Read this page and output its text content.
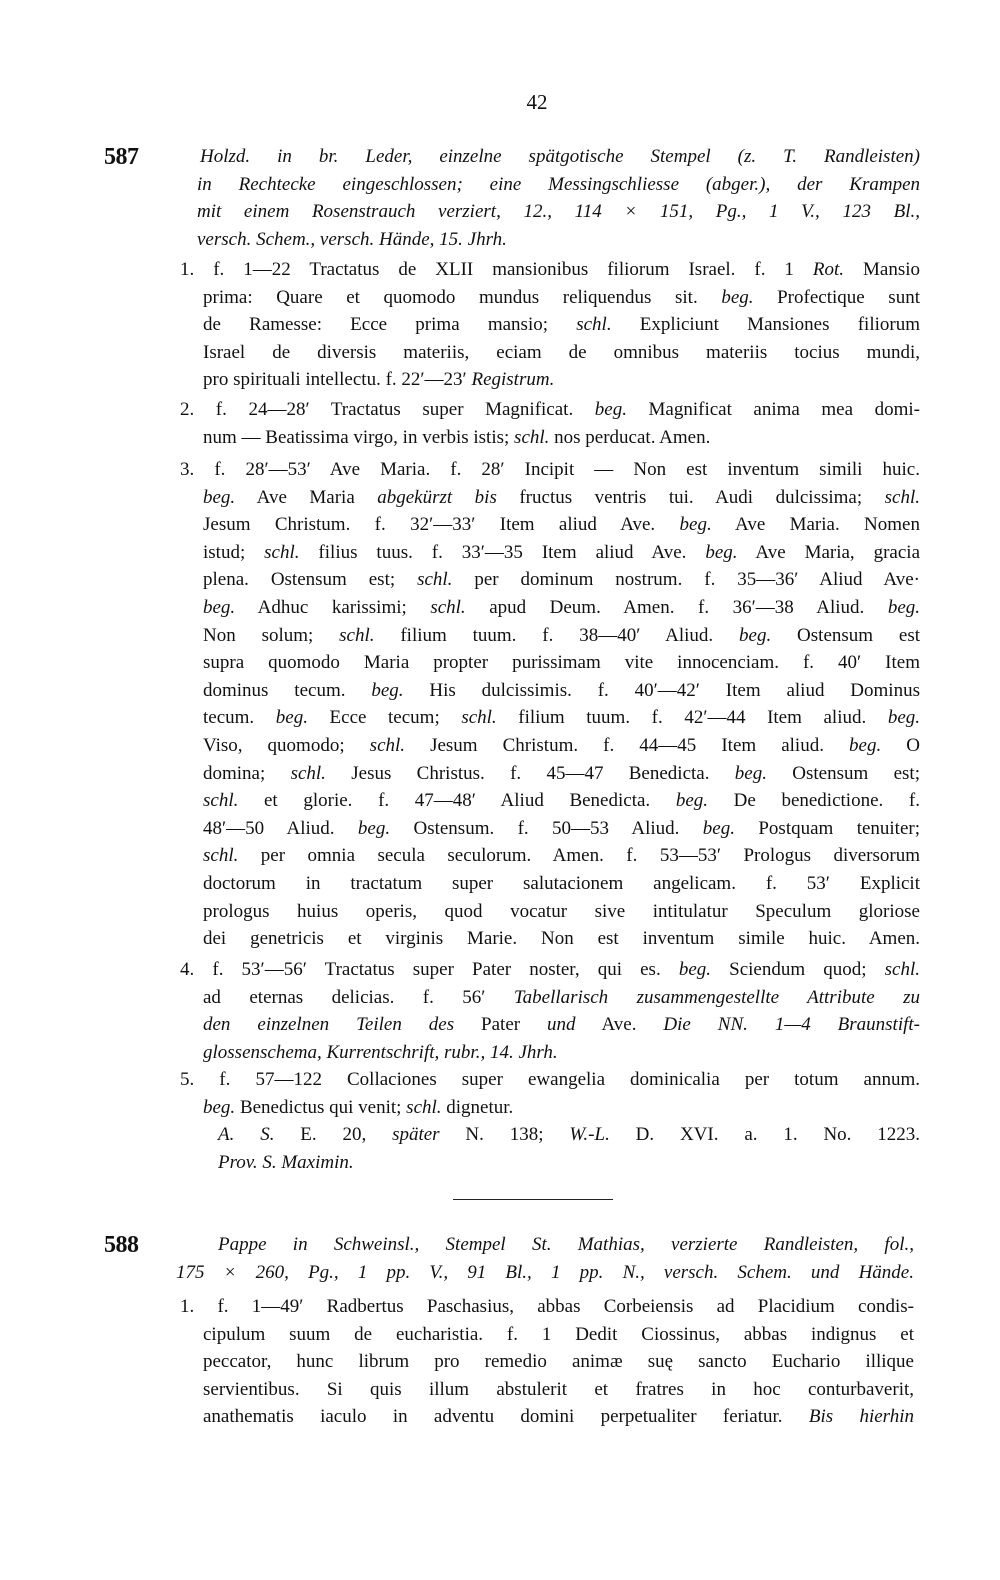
42
587
588
Holzd. in br. Leder, einzelne spätgotische Stempel (z. T. Randleisten)
in Rechtecke eingeschlossen; eine Messingschliesse (abger.), der Krampen
mit einem Rosenstrauch verziert, 12., 114 × 151, Pg., 1 V., 123 Bl.,
versch. Schem., versch. Hände, 15. Jhrh.
1. f. 1—22 Tractatus de XLII mansionibus filiorum Israel. f. 1 Rot. Mansio
prima: Quare et quomodo mundus reliquendus sit. beg. Profectique sunt
de Ramesse: Ecce prima mansio; schl. Expliciunt Mansiones filiorum
Israel de diversis materiis, eciam de omnibus materiis tocius mundi,
pro spirituali intellectu. f. 22′—23′ Registrum.
2. f. 24—28′ Tractatus super Magnificat. beg. Magnificat anima mea domi-
num — Beatissima virgo, in verbis istis; schl. nos perducat. Amen.
3. f. 28′—53′ Ave Maria. f. 28′ Incipit — Non est inventum simili huic.
beg. Ave Maria abgekürzt bis fructus ventris tui. Audi dulcissima; schl.
Jesum Christum. f. 32′—33′ Item aliud Ave. beg. Ave Maria. Nomen
istud; schl. filius tuus. f. 33′—35 Item aliud Ave. beg. Ave Maria, gracia
plena. Ostensum est; schl. per dominum nostrum. f. 35—36′ Aliud Ave·
beg. Adhuc karissimi; schl. apud Deum. Amen. f. 36′—38 Aliud. beg.
Non solum; schl. filium tuum. f. 38—40′ Aliud. beg. Ostensum est
supra quomodo Maria propter purissimam vite innocenciam. f. 40′ Item
dominus tecum. beg. His dulcissimis. f. 40′—42′ Item aliud Dominus
tecum. beg. Ecce tecum; schl. filium tuum. f. 42′—44 Item aliud. beg.
Viso, quomodo; schl. Jesum Christum. f. 44—45 Item aliud. beg. O
domina; schl. Jesus Christus. f. 45—47 Benedicta. beg. Ostensum est;
schl. et glorie. f. 47—48′ Aliud Benedicta. beg. De benedictione. f.
48′—50 Aliud. beg. Ostensum. f. 50—53 Aliud. beg. Postquam tenuiter;
schl. per omnia secula seculorum. Amen. f. 53—53′ Prologus diversorum
doctorum in tractatum super salutacionem angelicam. f. 53′ Explicit
prologus huius operis, quod vocatur sive intitulatur Speculum gloriose
dei genetricis et virginis Marie. Non est inventum simile huic. Amen.
4. f. 53′—56′ Tractatus super Pater noster, qui es. beg. Sciendum quod; schl.
ad eternas delicias. f. 56′ Tabellarisch zusammengestellte Attribute zu
den einzelnen Teilen des Pater und Ave. Die NN. 1—4 Braunstift-
glossenschema, Kurrentschrift, rubr., 14. Jhrh.
5. f. 57—122 Collaciones super ewangelia dominicalia per totum annum.
beg. Benedictus qui venit; schl. dignetur.
A. S. E. 20, später N. 138; W.-L. D. XVI. a. 1. No. 1223.
Prov. S. Maximin.
Pappe in Schweinsl., Stempel St. Mathias, verzierte Randleisten, fol.,
175 × 260, Pg., 1 pp. V., 91 Bl., 1 pp. N., versch. Schem. und Hände.
1. f. 1—49′ Radbertus Paschasius, abbas Corbeiensis ad Placidium condis-
cipulum suum de eucharistia. f. 1 Dedit Ciossinus, abbas indignus et
peccator, hunc librum pro remedio animæ suę sancto Euchario illique
servientibus. Si quis illum abstulerit et fratres in hoc conturbaverit,
anathematis iaculo in adventu domini perpetualiter feriatur. Bis hierhin
